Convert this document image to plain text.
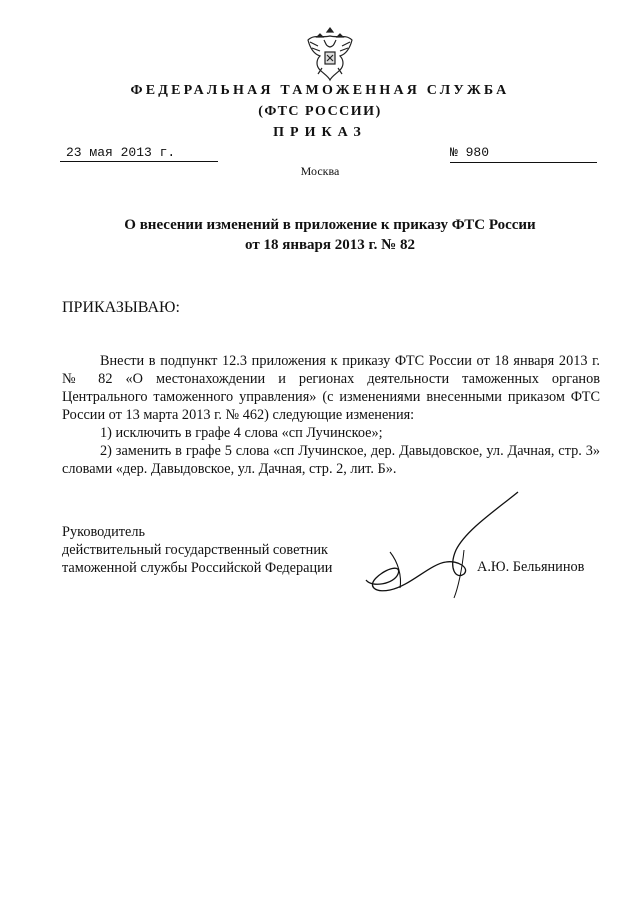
ФЕДЕРАЛЬНАЯ ТАМОЖЕННАЯ СЛУЖБА
(ФТС РОССИИ)
ПРИКАЗ
23 мая 2013 г.	№ 980
Москва
О внесении изменений в приложение к приказу ФТС России
от 18 января 2013 г. № 82
ПРИКАЗЫВАЮ:

Внести в подпункт 12.3 приложения к приказу ФТС России от 18 января 2013 г. № 82 «О местонахождении и регионах деятельности таможенных органов Центрального таможенного управления» (с изменениями внесенными приказом ФТС России от 13 марта 2013 г. № 462) следующие изменения:

1) исключить в графе 4 слова «сп Лучинское»;

2) заменить в графе 5 слова «сп Лучинское, дер. Давыдовское, ул. Дачная, стр. 3» словами «дер. Давыдовское, ул. Дачная, стр. 2, лит. Б».

Руководитель
действительный государственный советник
таможенной службы Российской Федерации	А.Ю. Бельянинов
